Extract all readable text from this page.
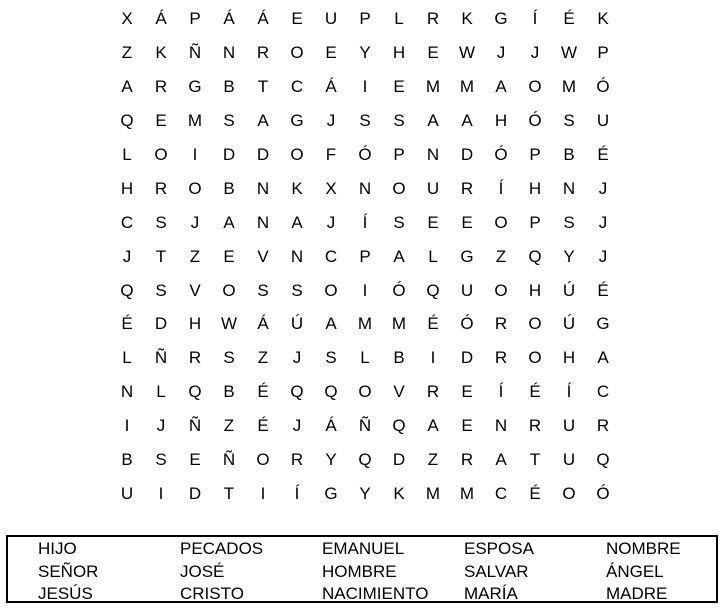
X	Á	P	Á	Á	E	U	P	L	R	K	G	Í	É	K
Z	K	Ñ	N	R	O	E	Y	H	E	W	J	J	W	P
A	R	G	B	T	C	Á	I	E	M	M	A	O	M	Ó
Q	E	M	S	A	G	J	S	S	A	A	H	Ó	S	U
L	O	I	D	D	O	F	Ó	P	N	D	Ó	P	B	É
H	R	O	B	N	K	X	N	O	U	R	Í	H	N	J
C	S	J	A	N	A	J	Í	S	E	E	O	P	S	J
J	T	Z	E	V	N	C	P	A	L	G	Z	Q	Y	J
Q	S	V	O	S	S	O	I	Ó	Q	U	O	H	Ú	É
É	D	H	W	Á	Ú	A	M	M	É	Ó	R	O	Ú	G
L	Ñ	R	S	Z	J	S	L	B	I	D	R	O	H	A
N	L	Q	B	É	Q	Q	O	V	R	E	Í	É	Í	C
I	J	Ñ	Z	É	J	Á	Ñ	Q	A	E	N	R	U	R
B	S	E	Ñ	O	R	Y	Q	D	Z	R	A	T	U	Q
U	I	D	T	I	Í	G	Y	K	M	M	C	É	O	Ó
HIJO	PECADOS	EMANUEL	ESPOSA	NOMBRE
SEÑOR	JOSÉ	HOMBRE	SALVAR	ÁNGEL
JESÚS	CRISTO	NACIMIENTO	MARÍA	MADRE
